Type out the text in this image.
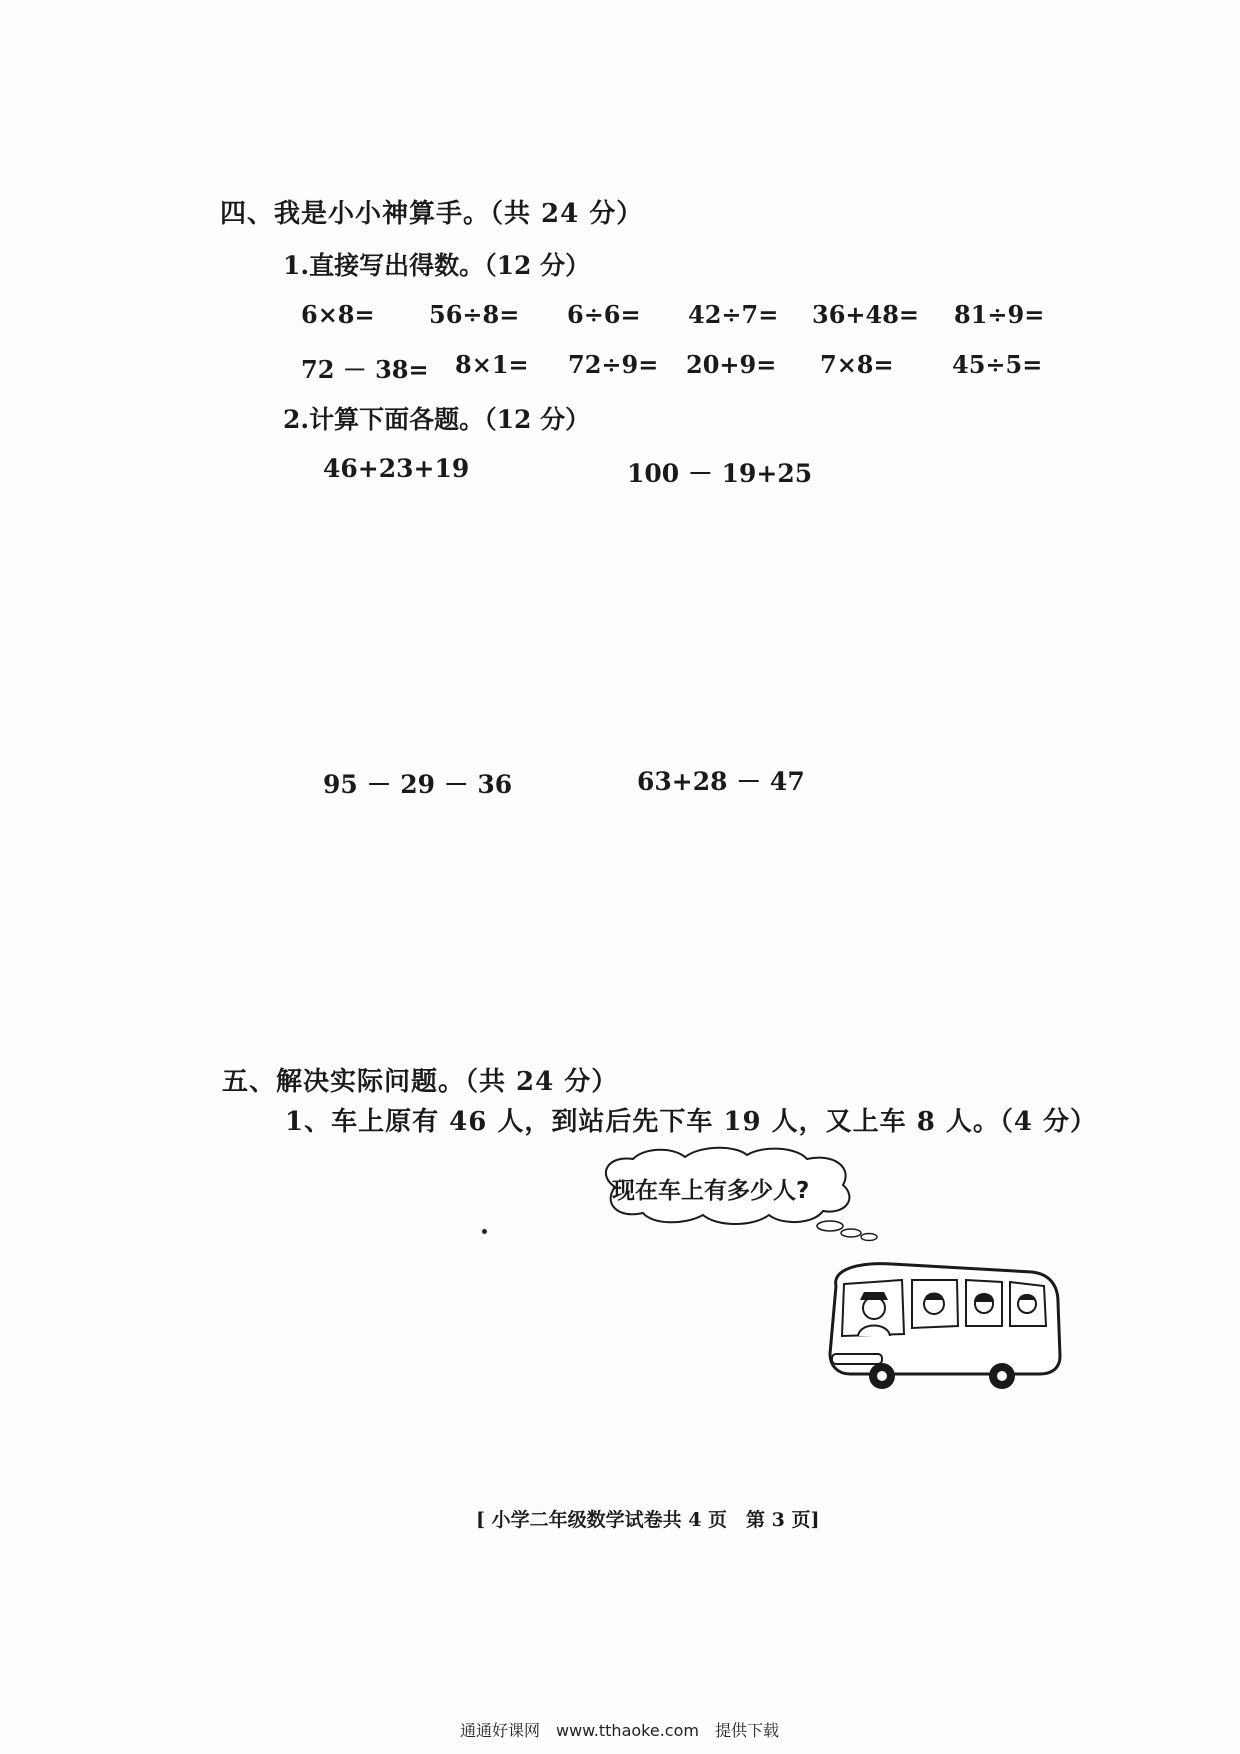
四、我是小小神算手。（共 24 分）
1.直接写出得数。（12 分）
6×8= 56÷8= 6÷6= 42÷7= 36+48= 81÷9=
72 － 38= 8×1= 72÷9= 20+9= 7×8= 45÷5=
2.计算下面各题。（12 分）
46+23+19	100 － 19+25
95 － 29 － 36	63+28 － 47
五、解决实际问题。（共 24 分）
1、车上原有 46 人，到站后先下车 19 人，又上车 8 人。（4 分）
现在车上有多少人?
[ 小学二年级数学试卷共 4 页　第 3 页]
通通好课网　www.tthaoke.com　提供下载
